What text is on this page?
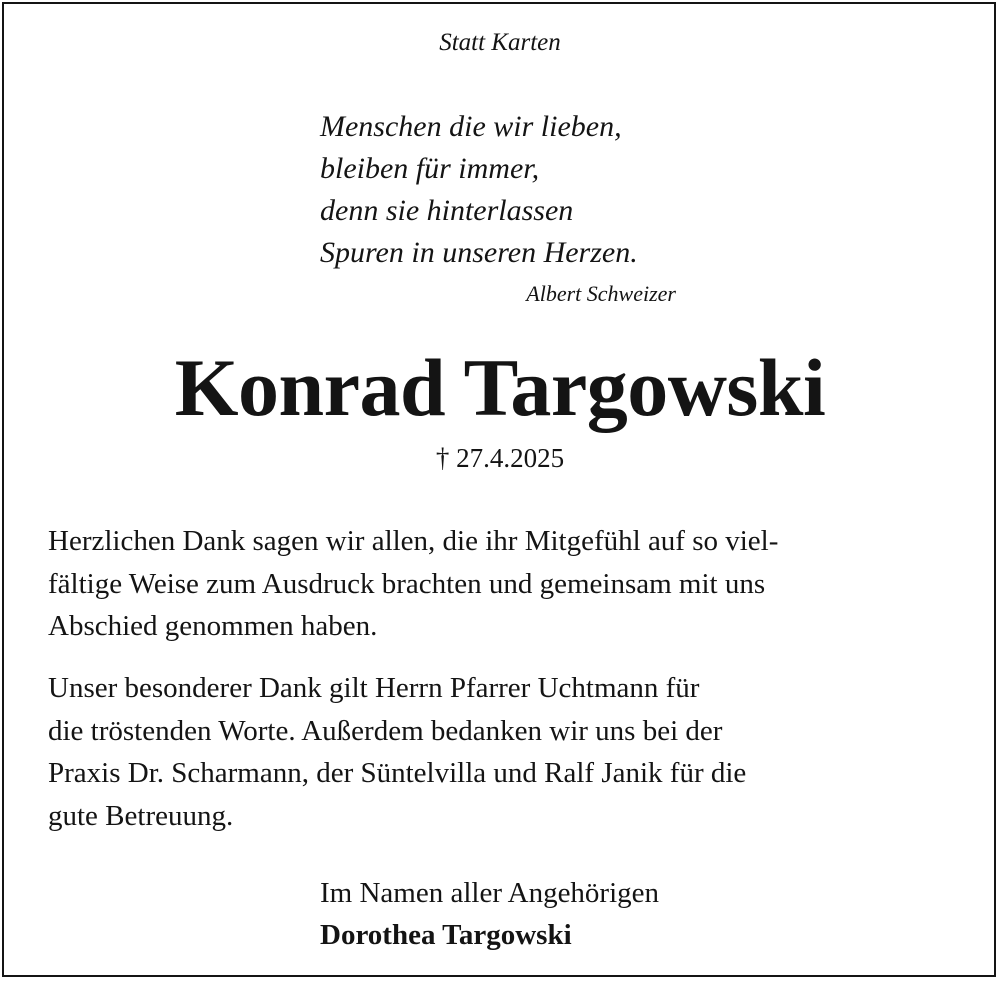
Statt Karten
Menschen die wir lieben,
bleiben für immer,
denn sie hinterlassen
Spuren in unseren Herzen.
Albert Schweizer
Konrad Targowski
† 27.4.2025
Herzlichen Dank sagen wir allen, die ihr Mitgefühl auf so viel-
fältige Weise zum Ausdruck brachten und gemeinsam mit uns
Abschied genommen haben.
Unser besonderer Dank gilt Herrn Pfarrer Uchtmann für
die tröstenden Worte. Außerdem bedanken wir uns bei der
Praxis Dr. Scharmann, der Süntelvilla und Ralf Janik für die
gute Betreuung.
Im Namen aller Angehörigen
Dorothea Targowski
